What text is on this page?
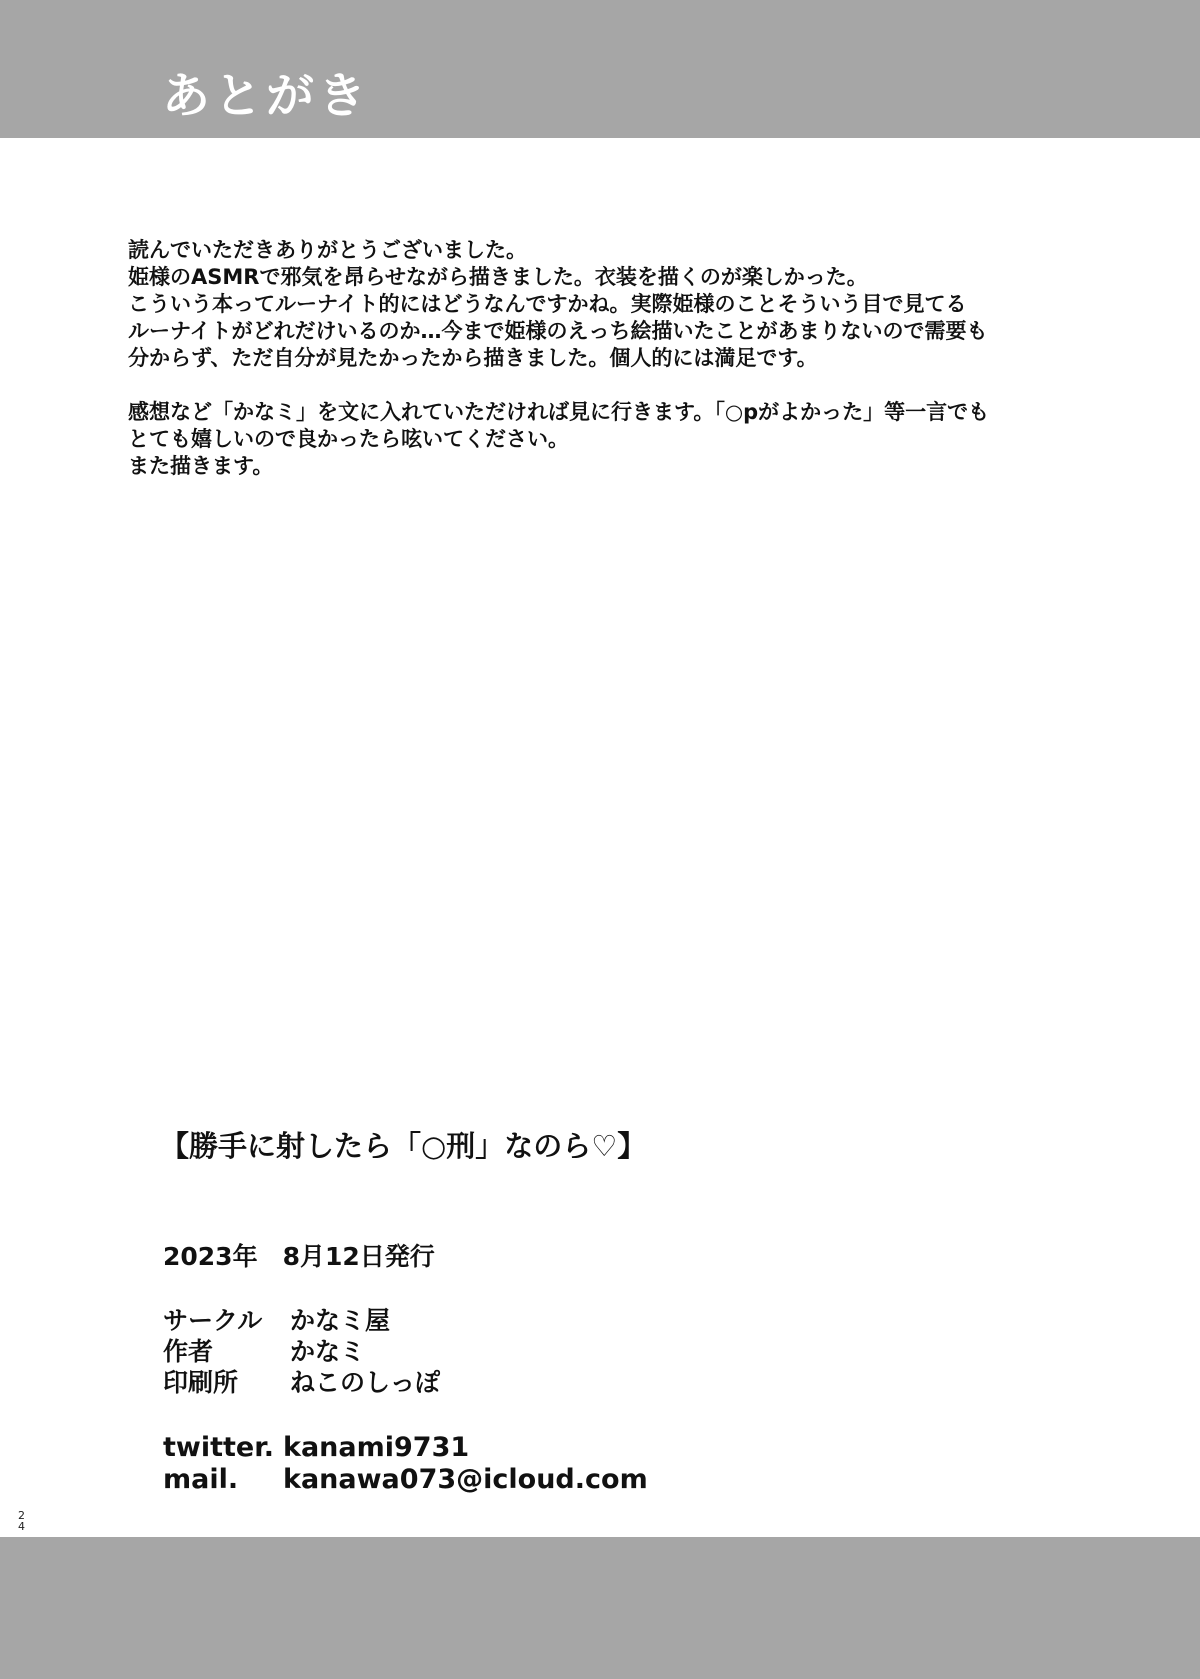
あとがき

読んでいただきありがとうございました。

姫様のASMRで邪気を昂らせながら描きました。衣装を描くのが楽しかった。

こういう本ってルーナイト的にはどうなんですかね。実際姫様のことそういう目で見てる

ルーナイトがどれだけいるのか…今まで姫様のえっち絵描いたことがあまりないので需要も

分からず、ただ自分が見たかったから描きました。個人的には満足です。

感想など「かなミ」を文に入れていただければ見に行きます。「○pがよかった」等一言でも

とても嬉しいので良かったら呟いてください。

また描きます。

【勝手に射したら「○刑」なのら♡】
2023年　8月12日発行
サークル	かなミ屋
作者	かなミ
印刷所	ねこのしっぽ
twitter. kanami9731
mail.	kanawa073@icloud.com
24
